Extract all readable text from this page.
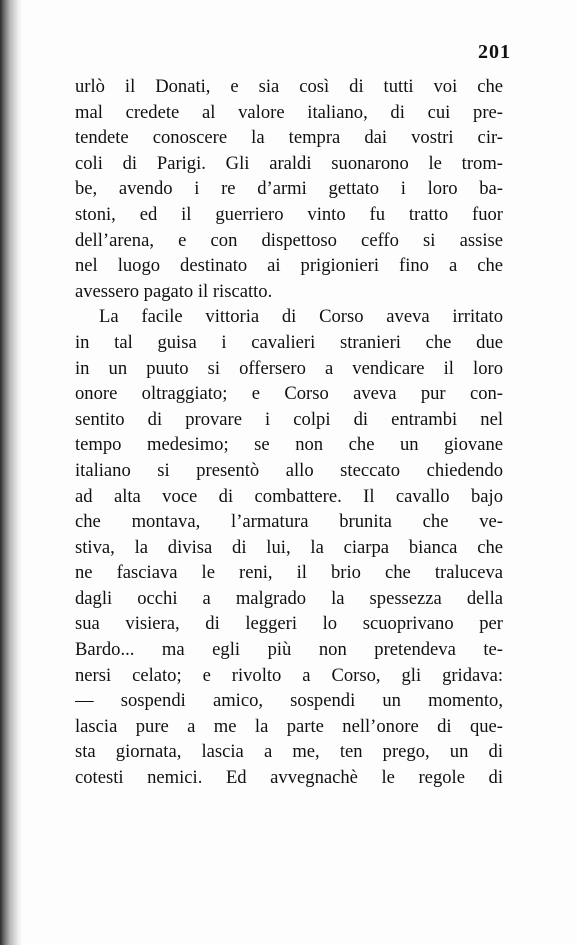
201
urlò il Donati, e sia così di tutti voi che
mal credete al valore italiano, di cui pre-
tendete conoscere la tempra dai vostri cir-
coli di Parigi. Gli araldi suonarono le trom-
be, avendo i re d’armi gettato i loro ba-
stoni, ed il guerriero vinto fu tratto fuor
dell’arena, e con dispettoso ceffo si assise
nel luogo destinato ai prigionieri fino a che
avessero pagato il riscatto.
La facile vittoria di Corso aveva irritato
in tal guisa i cavalieri stranieri che due
in un puuto si offersero a vendicare il loro
onore oltraggiato; e Corso aveva pur con-
sentito di provare i colpi di entrambi nel
tempo medesimo; se non che un giovane
italiano si presentò allo steccato chiedendo
ad alta voce di combattere. Il cavallo bajo
che montava, l’armatura brunita che ve-
stiva, la divisa di lui, la ciarpa bianca che
ne fasciava le reni, il brio che traluceva
dagli occhi a malgrado la spessezza della
sua visiera, di leggeri lo scuoprivano per
Bardo... ma egli più non pretendeva te-
nersi celato; e rivolto a Corso, gli gridava:
— sospendi amico, sospendi un momento,
lascia pure a me la parte nell’onore di que-
sta giornata, lascia a me, ten prego, un di
cotesti nemici. Ed avvegnachè le regole di
